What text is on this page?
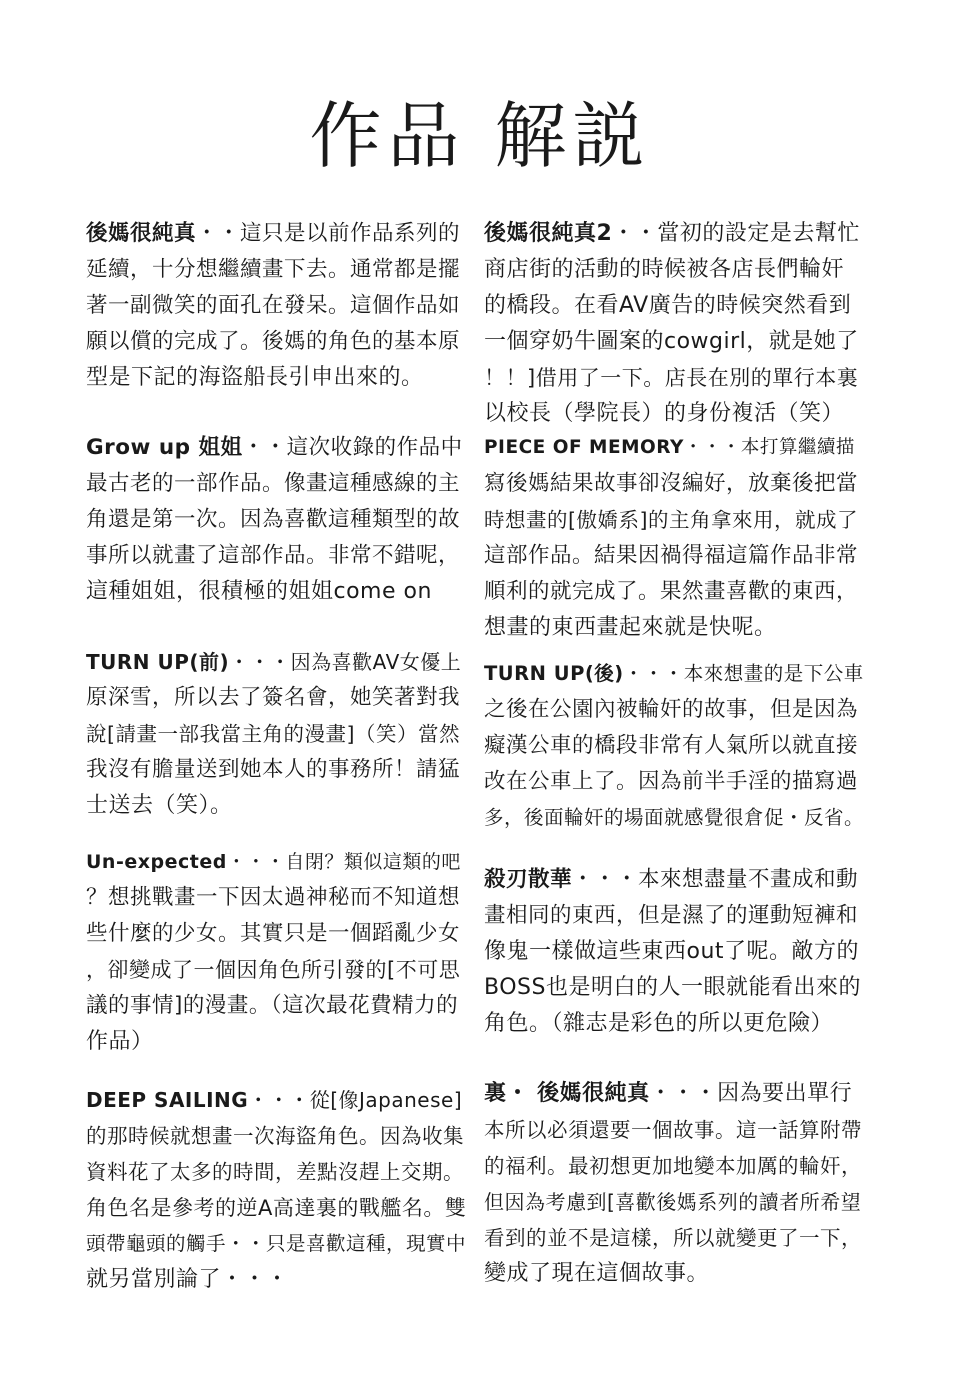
作品 解説
後媽很純真・・這只是以前作品系列的
延續，十分想繼續畫下去。通常都是擺
著一副微笑的面孔在發呆。這個作品如
願以償的完成了。後媽的角色的基本原
型是下記的海盜船長引申出來的。
Grow up 姐姐・・這次收錄的作品中
最古老的一部作品。像畫這種感線的主
角還是第一次。因為喜歡這種類型的故
事所以就畫了這部作品。非常不錯呢，
這種姐姐，很積極的姐姐come on
TURN UP(前)・・・因為喜歡AV女優上
原深雪，所以去了簽名會，她笑著對我
說[請畫一部我當主角的漫畫]（笑）當然
我沒有膽量送到她本人的事務所！請猛
士送去（笑）。
Un-expected・・・自閉？類似這類的吧
？想挑戰畫一下因太過神秘而不知道想
些什麼的少女。其實只是一個蹈亂少女
，卻變成了一個因角色所引發的[不可思
議的事情]的漫畫。（這次最花費精力的
作品）
DEEP SAILING・・・從[像Japanese]
的那時候就想畫一次海盜角色。因為收集
資料花了太多的時間，差點沒趕上交期。
角色名是參考的逆A高達裏的戰艦名。雙
頭帶龜頭的觸手・・只是喜歡這種，現實中
就另當別論了・・・
後媽很純真2・・當初的設定是去幫忙
商店街的活動的時候被各店長們輪奸
的橋段。在看AV廣告的時候突然看到
一個穿奶牛圖案的cowgirl，就是她了
！！]借用了一下。店長在別的單行本裏
以校長（學院長）的身份複活（笑）
PIECE OF MEMORY・・・本打算繼續描
寫後媽結果故事卻沒編好，放棄後把當
時想畫的[傲嬌系]的主角拿來用，就成了
這部作品。結果因禍得福這篇作品非常
順利的就完成了。果然畫喜歡的東西，
想畫的東西畫起來就是快呢。
TURN UP(後)・・・本來想畫的是下公車
之後在公園內被輪奸的故事，但是因為
癡漢公車的橋段非常有人氣所以就直接
改在公車上了。因為前半手淫的描寫過
多，後面輪奸的場面就感覺很倉促・反省。
殺刃散華・・・本來想盡量不畫成和動
畫相同的東西，但是濕了的運動短褲和
像鬼一樣做這些東西out了呢。敵方的
BOSS也是明白的人一眼就能看出來的
角色。（雜志是彩色的所以更危險）
裏・ 後媽很純真・・・因為要出單行
本所以必須還要一個故事。這一話算附帶
的福利。最初想更加地變本加厲的輪奸，
但因為考慮到[喜歡後媽系列的讀者所希望
看到的並不是這樣，所以就變更了一下，
變成了現在這個故事。
